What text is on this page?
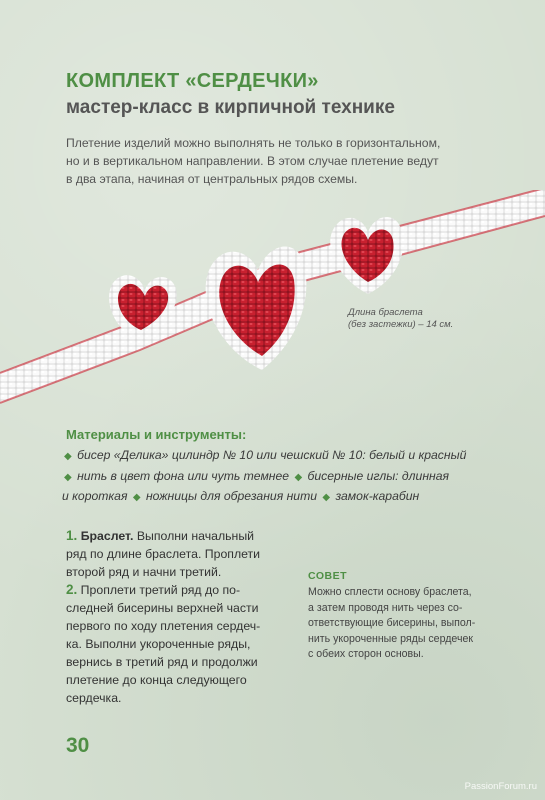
КОМПЛЕКТ «СЕРДЕЧКИ»
мастер-класс в кирпичной технике
Плетение изделий можно выполнять не только в горизонтальном,
но и в вертикальном направлении. В этом случае плетение ведут
в два этапа, начиная от центральных рядов схемы.
Длина браслета
(без застежки) – 14 см.
Материалы и инструменты:
◆ бисер «Делика» цилиндр № 10 или чешский № 10: белый и красный
◆ нить в цвет фона или чуть темнее ◆ бисерные иглы: длинная
и короткая ◆ ножницы для обрезания нити ◆ замок-карабин
1. Браслет. Выполни начальный
ряд по длине браслета. Проплети
второй ряд и начни третий.
2. Проплети третий ряд до по-
следней бисерины верхней части
первого по ходу плетения сердеч-
ка. Выполни укороченные ряды,
вернись в третий ряд и продолжи
плетение до конца следующего
сердечка.
СОВЕТ
Можно сплести основу браслета,
а затем проводя нить через со-
ответствующие бисерины, выпол-
нить укороченные ряды сердечек
с обеих сторон основы.
30
PassionForum.ru
